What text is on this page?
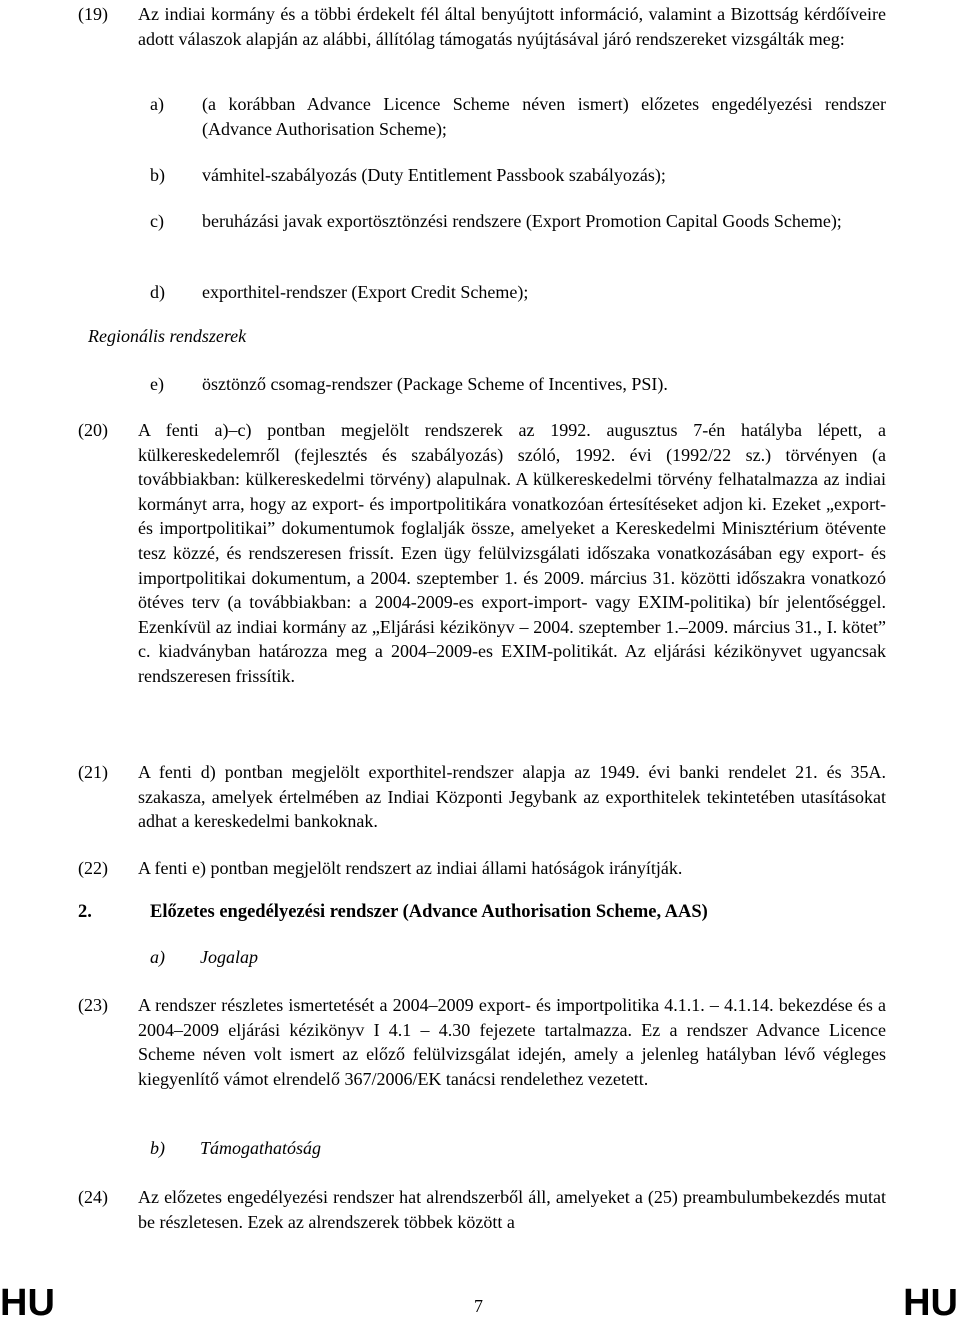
(19)	Az indiai kormány és a többi érdekelt fél által benyújtott információ, valamint a Bizottság kérdőíveire adott válaszok alapján az alábbi, állítólag támogatás nyújtásával járó rendszereket vizsgálták meg:
a)	(a korábban Advance Licence Scheme néven ismert) előzetes engedélyezési rendszer (Advance Authorisation Scheme);
b)	vámhitel-szabályozás (Duty Entitlement Passbook szabályozás);
c)	beruházási javak exportösztönzési rendszere (Export Promotion Capital Goods Scheme);
d)	exporthitel-rendszer (Export Credit Scheme);
Regionális rendszerek
e)	ösztönző csomag-rendszer (Package Scheme of Incentives, PSI).
(20)	A fenti a)–c) pontban megjelölt rendszerek az 1992. augusztus 7-én hatályba lépett, a külkereskedelemről (fejlesztés és szabályozás) szóló, 1992. évi (1992/22 sz.) törvényen (a továbbiakban: külkereskedelmi törvény) alapulnak. A külkereskedelmi törvény felhatalmazza az indiai kormányt arra, hogy az export- és importpolitikára vonatkozóan értesítéseket adjon ki. Ezeket „export- és importpolitikai” dokumentumok foglalják össze, amelyeket a Kereskedelmi Minisztérium ötévente tesz közzé, és rendszeresen frissít. Ezen ügy felülvizsgálati időszaka vonatkozásában egy export- és importpolitikai dokumentum, a 2004. szeptember 1. és 2009. március 31. közötti időszakra vonatkozó ötéves terv (a továbbiakban: a 2004-2009-es export-import- vagy EXIM-politika) bír jelentőséggel. Ezenkívül az indiai kormány az „Eljárási kézikönyv – 2004. szeptember 1.–2009. március 31., I. kötet” c. kiadványban határozza meg a 2004–2009-es EXIM-politikát. Az eljárási kézikönyvet ugyancsak rendszeresen frissítik.
(21)	A fenti d) pontban megjelölt exporthitel-rendszer alapja az 1949. évi banki rendelet 21. és 35A. szakasza, amelyek értelmében az Indiai Központi Jegybank az exporthitelek tekintetében utasításokat adhat a kereskedelmi bankoknak.
(22)	A fenti e) pontban megjelölt rendszert az indiai állami hatóságok irányítják.
2.	Előzetes engedélyezési rendszer (Advance Authorisation Scheme, AAS)
a) Jogalap
(23)	A rendszer részletes ismertetését a 2004–2009 export- és importpolitika 4.1.1. – 4.1.14. bekezdése és a 2004–2009 eljárási kézikönyv I 4.1 – 4.30 fejezete tartalmazza. Ez a rendszer Advance Licence Scheme néven volt ismert az előző felülvizsgálat idején, amely a jelenleg hatályban lévő végleges kiegyenlítő vámot elrendelő 367/2006/EK tanácsi rendelethez vezetett.
b) Támogathatóság
(24)	Az előzetes engedélyezési rendszer hat alrendszerből áll, amelyeket a (25) preambulumbekezdés mutat be részletesen. Ezek az alrendszerek többek között a
HU	7	HU
